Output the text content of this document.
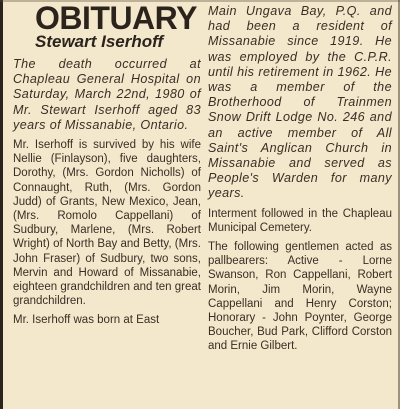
OBITUARY
Stewart Iserhoff

The death occurred at Chapleau General Hospital on Saturday, March 22nd, 1980 of Mr. Stewart Iserhoff aged 83 years of Missanabie, Ontario.

Mr. Iserhoff is survived by his wife Nellie (Finlayson), five daughters, Dorothy, (Mrs. Gordon Nicholls) of Connaught, Ruth, (Mrs. Gordon Judd) of Grants, New Mexico, Jean, (Mrs. Romolo Cappellani) of Sudbury, Marlene, (Mrs. Robert Wright) of North Bay and Betty, (Mrs. John Fraser) of Sudbury, two sons, Mervin and Howard of Missanabie, eighteen grandchildren and ten great grandchildren.

Mr. Iserhoff was born at East

Main Ungava Bay, P.Q. and had been a resident of Missanabie since 1919. He was employed by the C.P.R. until his retirement in 1962. He was a member of the Brotherhood of Trainmen Snow Drift Lodge No. 246 and an active member of All Saint's Anglican Church in Missanabie and served as People's Warden for many years.

Interment followed in the Chapleau Municipal Cemetery.

The following gentlemen acted as pallbearers: Active - Lorne Swanson, Ron Cappellani, Robert Morin, Jim Morin, Wayne Cappellani and Henry Corston; Honorary - John Poynter, George Boucher, Bud Park, Clifford Corston and Ernie Gilbert.
